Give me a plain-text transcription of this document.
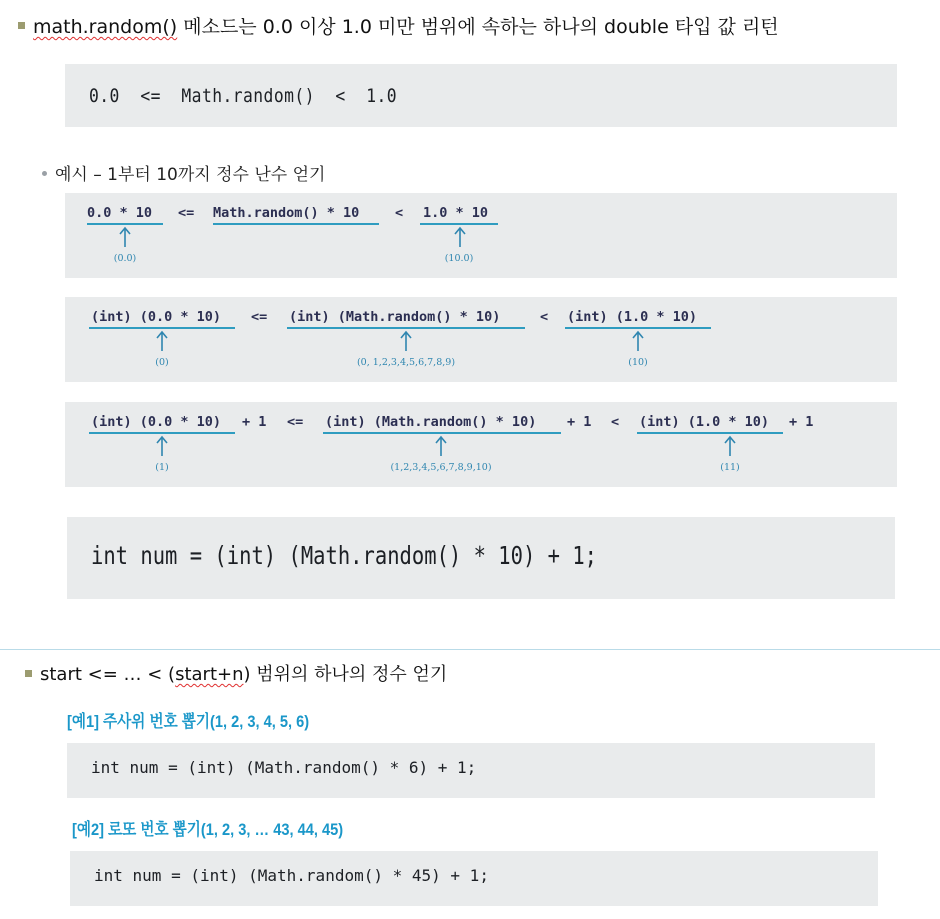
math.random() 메소드는 0.0 이상 1.0 미만 범위에 속하는 하나의 double 타입 값 리턴
0.0  <=  Math.random()  <  1.0
예시 – 1부터 10까지 정수 난수 얻기
0.0 * 10 <= Math.random() * 10	< 1.0 * 10
(0.0)	(10.0)
(int) (0.0 * 10) <= (int) (Math.random() * 10)	< (int) (1.0 * 10)
(0)	(0, 1,2,3,4,5,6,7,8,9)	(10)
(int) (0.0 * 10) + 1 <= (int) (Math.random() * 10) + 1 < (int) (1.0 * 10) + 1
(1)	(1,2,3,4,5,6,7,8,9,10)	(11)
int num = (int) (Math.random() * 10) + 1;
start <= … < (start+n) 범위의 하나의 정수 얻기
[예1] 주사위 번호 뽑기(1, 2, 3, 4, 5, 6)
int num = (int) (Math.random() * 6) + 1;
[예2] 로또 번호 뽑기(1, 2, 3, … 43, 44, 45)
int num = (int) (Math.random() * 45) + 1;
